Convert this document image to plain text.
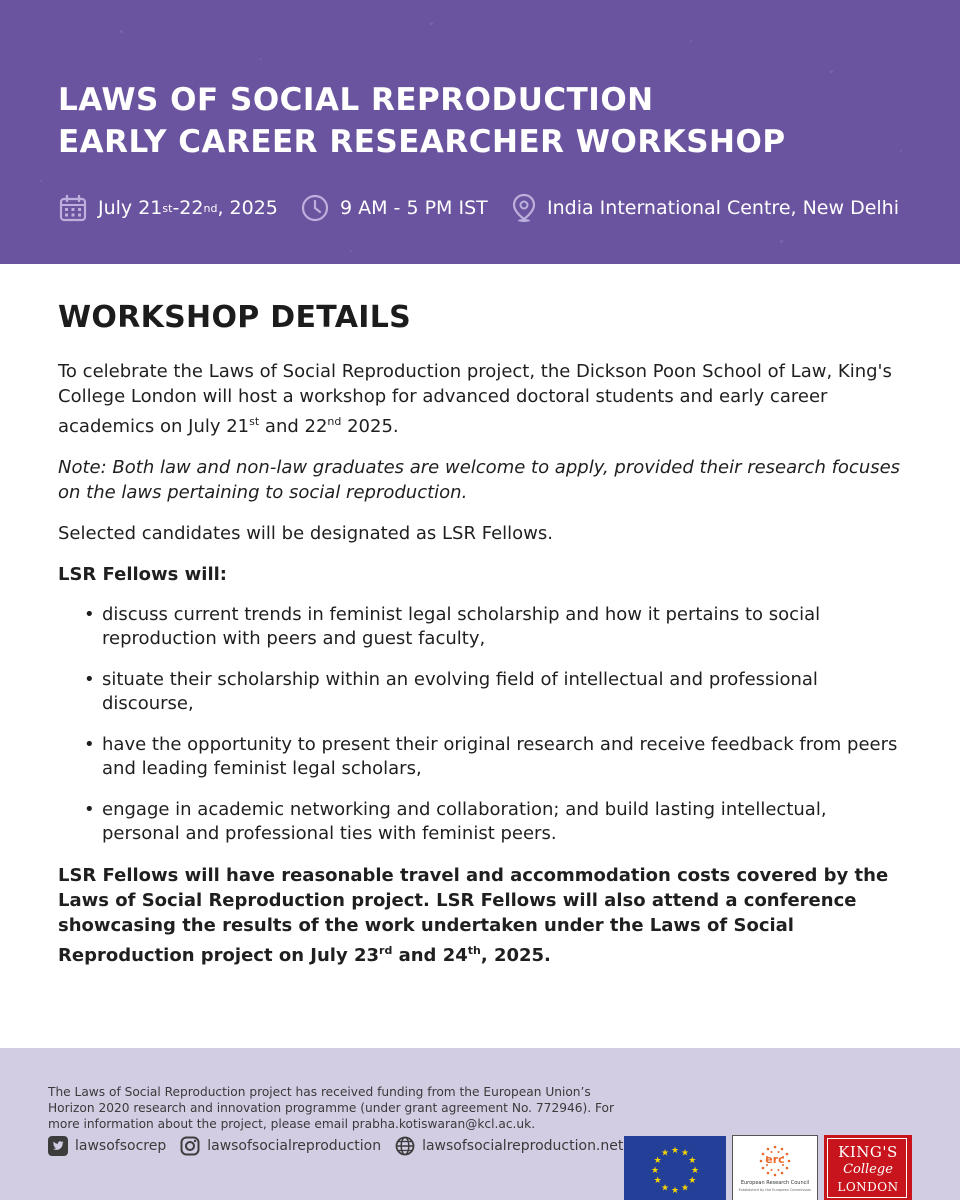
LAWS OF SOCIAL REPRODUCTION
EARLY CAREER RESEARCHER WORKSHOP
July 21 st -22 nd , 2025	9 AM - 5 PM IST	India International Centre, New Delhi
WORKSHOP DETAILS

To celebrate the Laws of Social Reproduction project, the Dickson Poon School of Law, King's College London will host a workshop for advanced doctoral students and early career academics on July 21st and 22nd 2025.

Note: Both law and non-law graduates are welcome to apply, provided their research focuses on the laws pertaining to social reproduction.

Selected candidates will be designated as LSR Fellows.

LSR Fellows will:

• discuss current trends in feminist legal scholarship and how it pertains to social reproduction with peers and guest faculty,
• situate their scholarship within an evolving field of intellectual and professional discourse,
• have the opportunity to present their original research and receive feedback from peers and leading feminist legal scholars,
• engage in academic networking and collaboration; and build lasting intellectual, personal and professional ties with feminist peers.

LSR Fellows will have reasonable travel and accommodation costs covered by the Laws of Social Reproduction project. LSR Fellows will also attend a conference showcasing the results of the work undertaken under the Laws of Social Reproduction project on July 23rd and 24th, 2025.

The Laws of Social Reproduction project has received funding from the European Union’s Horizon 2020 research and innovation programme (under grant agreement No. 772946). For more information about the project, please email prabha.kotiswaran@kcl.ac.uk.

lawsofsocrep	lawsofsocialreproduction	lawsofsocialreproduction.net	★ ★
★
★
★
★
★
★
★
★
★
★	erc
European Research Council
Established by the European Commission
KING'S
College
LONDON
